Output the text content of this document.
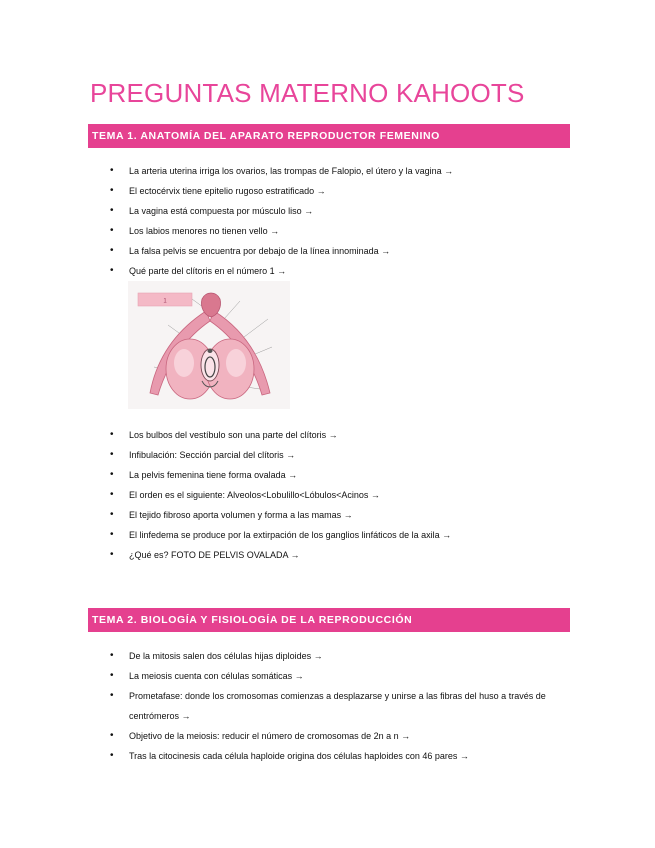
PREGUNTAS MATERNO KAHOOTS
TEMA 1. ANATOMÍA DEL APARATO REPRODUCTOR FEMENINO
• La arteria uterina irriga los ovarios, las trompas de Falopio, el útero y la vagina →
• El ectocérvix tiene epitelio rugoso estratificado →
• La vagina está compuesta por músculo liso →
• Los labios menores no tienen vello →
• La falsa pelvis se encuentra por debajo de la línea innominada →
• Qué parte del clítoris en el número 1 →
1
• Los bulbos del vestíbulo son una parte del clítoris →
• Infibulación: Sección parcial del clítoris →
• La pelvis femenina tiene forma ovalada →
• El orden es el siguiente: Alveolos<Lobulillo<Lóbulos<Acinos →
• El tejido fibroso aporta volumen y forma a las mamas →
• El linfedema se produce por la extirpación de los ganglios linfáticos de la axila →
• ¿Qué es? FOTO DE PELVIS OVALADA →
TEMA 2. BIOLOGÍA Y FISIOLOGÍA DE LA REPRODUCCIÓN
• De la mitosis salen dos células hijas diploides →
• La meiosis cuenta con células somáticas →
• Prometafase: donde los cromosomas comienzas a desplazarse y unirse a las fibras del huso a través de centrómeros →
• Objetivo de la meiosis: reducir el número de cromosomas de 2n a n →
• Tras la citocinesis cada célula haploide origina dos células haploides con 46 pares →
